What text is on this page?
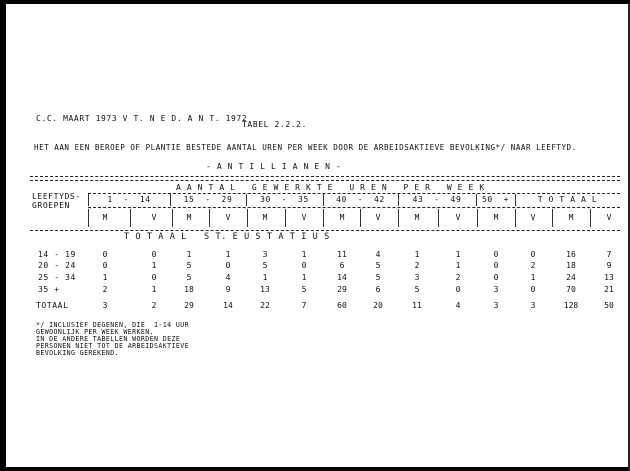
C.C. MAART 1973 V T. N E D. A N T. 1972
TABEL 2.2.2.
HET AAN EEN BEROEP OF PLANTIE BESTEDE AANTAL UREN PER WEEK DOOR DE ARBEIDSAKTIEVE BEVOLKING*/ NAAR LEEFTYD.
- A N T I L L I A N E N -
LEEFTYDS-
GROEPEN
A A N T A L   G E W E R K T E   U R E N   P E R   W E E K
T O T A A L   S T. E U S T A T I U S
*/ INCLUSIEF DEGENEN, DIE  1-14 UUR
GEWOONLIJK PER WEEK WERKEN.
IN DE ANDERE TABELLEN WORDEN DEZE
PERSONEN NIET TOT DE ARBEIDSAKTIEVE
BEVOLKING GEREKEND.
1  -  14	15  -  29	30  -  35	40  -  42	43  -  49	50  +	T O T A A L
M	V	M	V	M	V	M	V	M	V	M	V	M	V
14 - 19	0	0	1	1	3	1	11	4	1	1	0	0	16	7
20 - 24	0	1	5	0	5	0	6	5	2	1	0	2	18	9
25 - 34	1	0	5	4	1	1	14	5	3	2	0	1	24	13
35 +	2	1	18	9	13	5	29	6	5	0	3	0	70	21
TOTAAL	3	2	29	14	22	7	60	20	11	4	3	3	128	50
